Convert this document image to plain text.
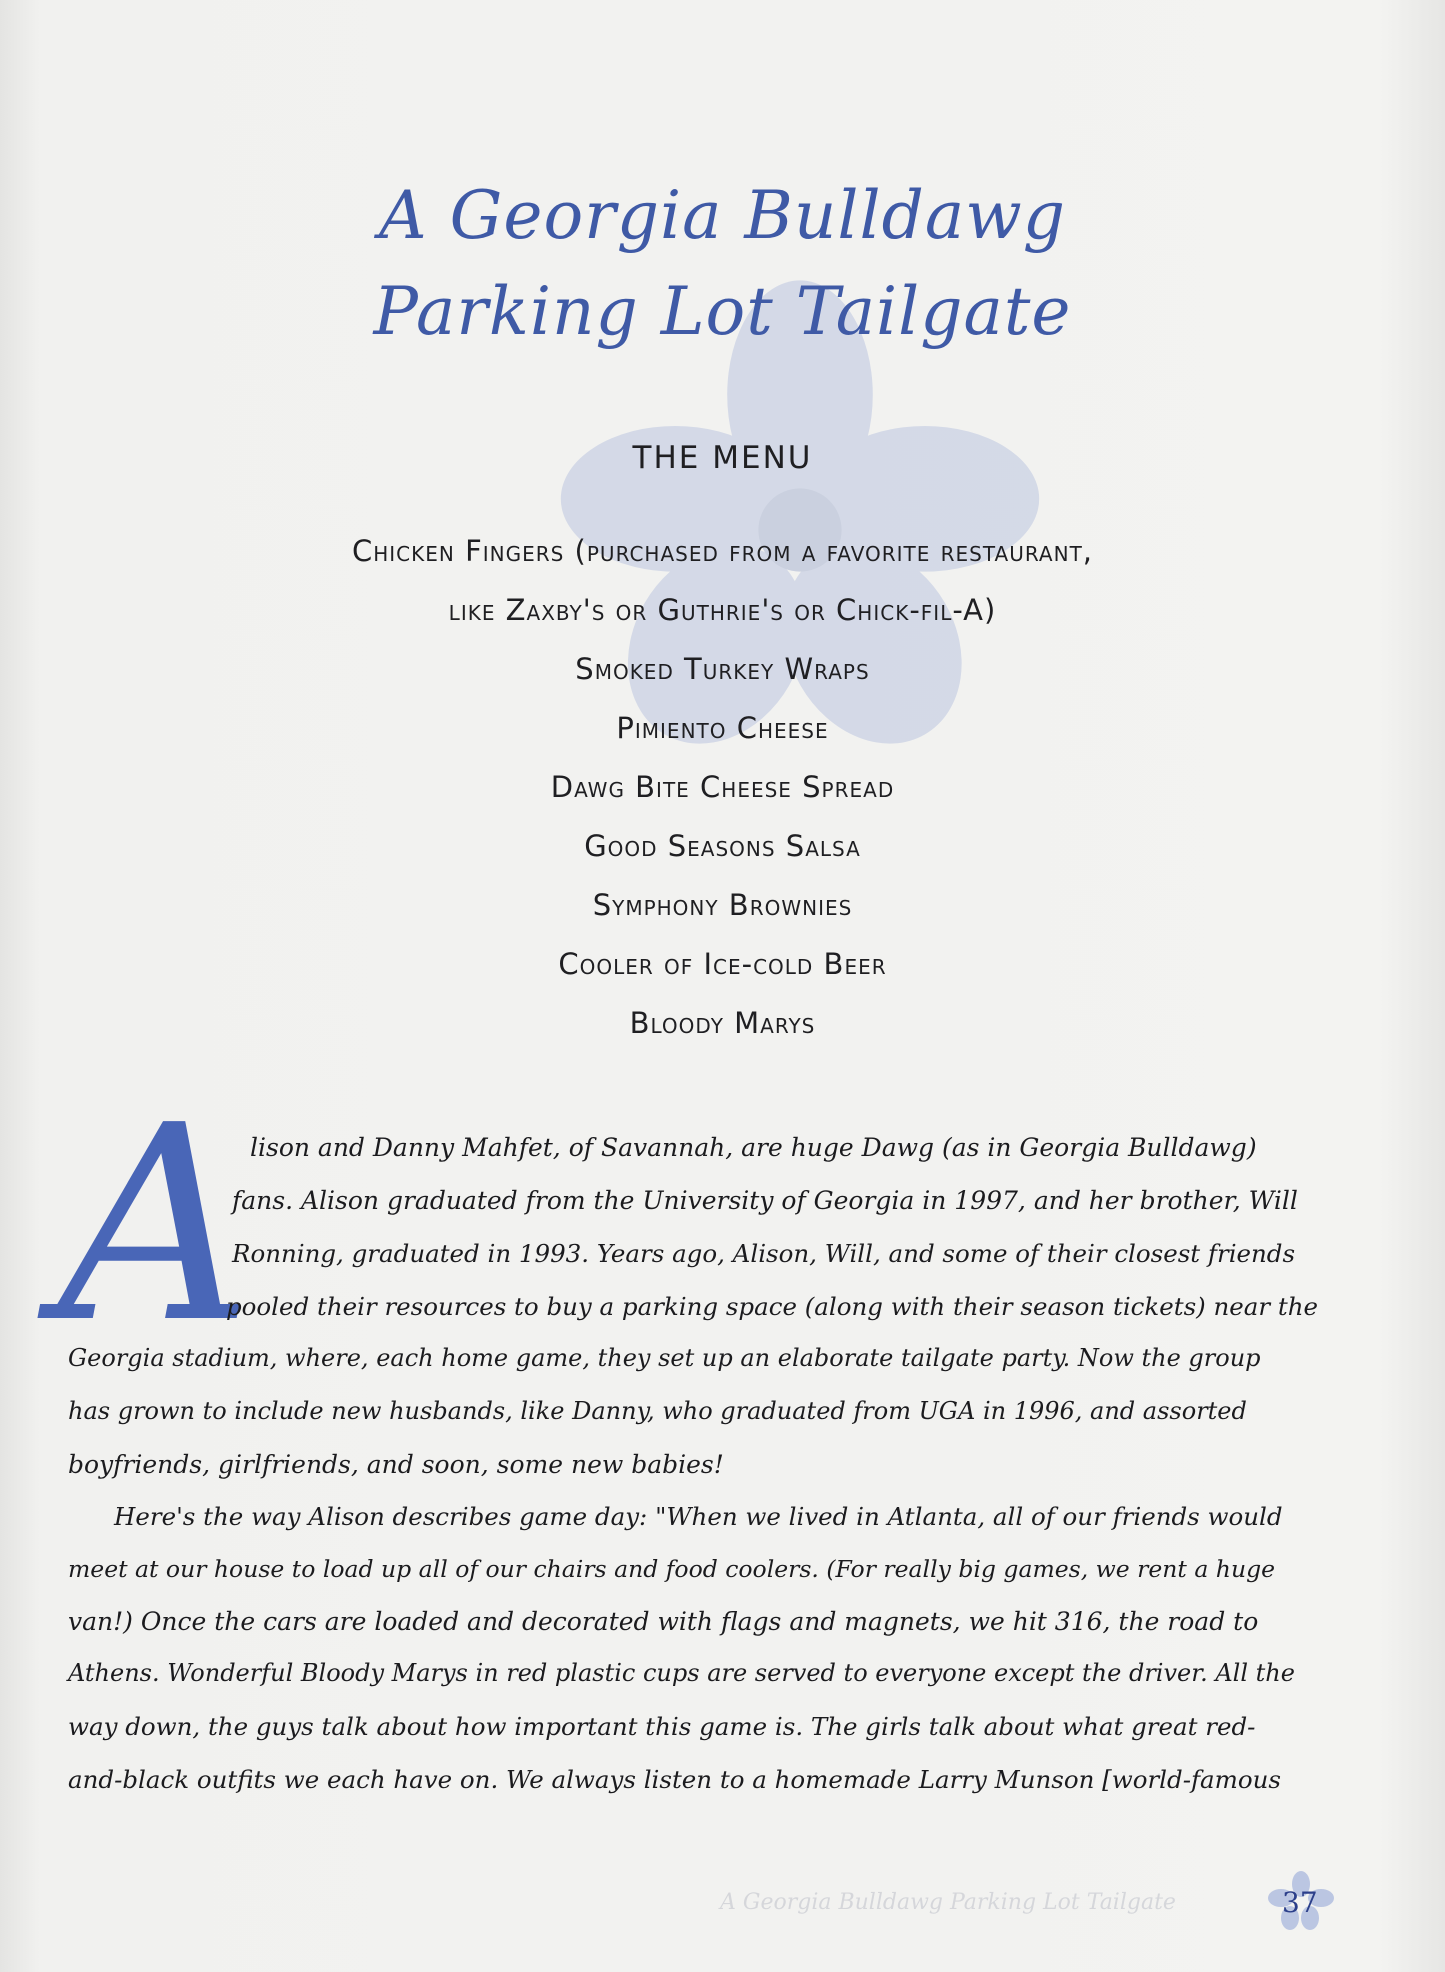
A Georgia Bulldawg
Parking Lot Tailgate
THE MENU
Chicken Fingers (purchased from a favorite restaurant,
like Zaxby's or Guthrie's or Chick-fil-A)
Smoked Turkey Wraps
Pimiento Cheese
Dawg Bite Cheese Spread
Good Seasons Salsa
Symphony Brownies
Cooler of Ice-cold Beer
Bloody Marys
A
lison and Danny Mahfet, of Savannah, are huge Dawg (as in Georgia Bulldawg)
fans. Alison graduated from the University of Georgia in 1997, and her brother, Will
Ronning, graduated in 1993. Years ago, Alison, Will, and some of their closest friends
pooled their resources to buy a parking space (along with their season tickets) near the
Georgia stadium, where, each home game, they set up an elaborate tailgate party. Now the group
has grown to include new husbands, like Danny, who graduated from UGA in 1996, and assorted
boyfriends, girlfriends, and soon, some new babies!
Here's the way Alison describes game day: "When we lived in Atlanta, all of our friends would
meet at our house to load up all of our chairs and food coolers. (For really big games, we rent a huge
van!) Once the cars are loaded and decorated with flags and magnets, we hit 316, the road to
Athens. Wonderful Bloody Marys in red plastic cups are served to everyone except the driver. All the
way down, the guys talk about how important this game is. The girls talk about what great red-
and-black outfits we each have on. We always listen to a homemade Larry Munson [world-famous
A Georgia Bulldawg Parking Lot Tailgate	37
